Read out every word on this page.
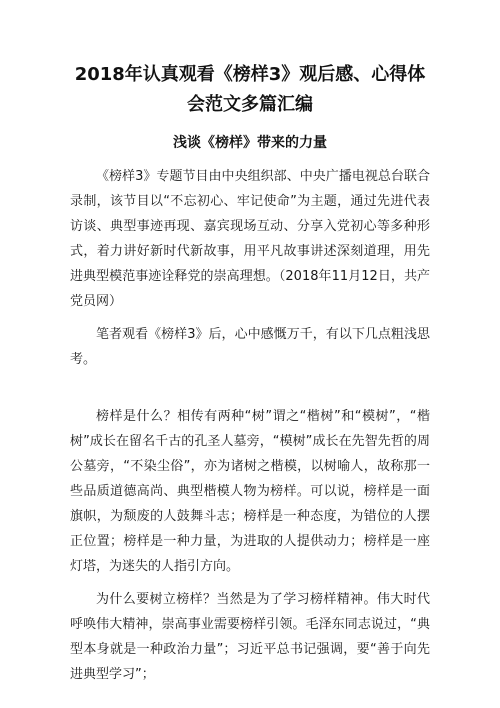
2018年认真观看《榜样3》观后感、心得体会范文多篇汇编
浅谈《榜样》带来的力量

《榜样3》专题节目由中央组织部、中央广播电视总台联合录制，该节目以“不忘初心、牢记使命”为主题，通过先进代表访谈、典型事迹再现、嘉宾现场互动、分享入党初心等多种形式，着力讲好新时代新故事，用平凡故事讲述深刻道理，用先进典型模范事迹诠释党的崇高理想。（2018年11月12日，共产党员网）

笔者观看《榜样3》后，心中感慨万千，有以下几点粗浅思考。

榜样是什么？相传有两种“树”谓之“楷树”和“模树”，“楷树”成长在留名千古的孔圣人墓旁，“模树”成长在先智先哲的周公墓旁，“不染尘俗”，亦为诸树之楷模，以树喻人，故称那一些品质道德高尚、典型楷模人物为榜样。可以说，榜样是一面旗帜，为颓废的人鼓舞斗志；榜样是一种态度，为错位的人摆正位置；榜样是一种力量，为进取的人提供动力；榜样是一座灯塔，为迷失的人指引方向。

为什么要树立榜样？当然是为了学习榜样精神。伟大时代呼唤伟大精神，崇高事业需要榜样引领。毛泽东同志说过，“典型本身就是一种政治力量”；习近平总书记强调，要“善于向先进典型学习”；
